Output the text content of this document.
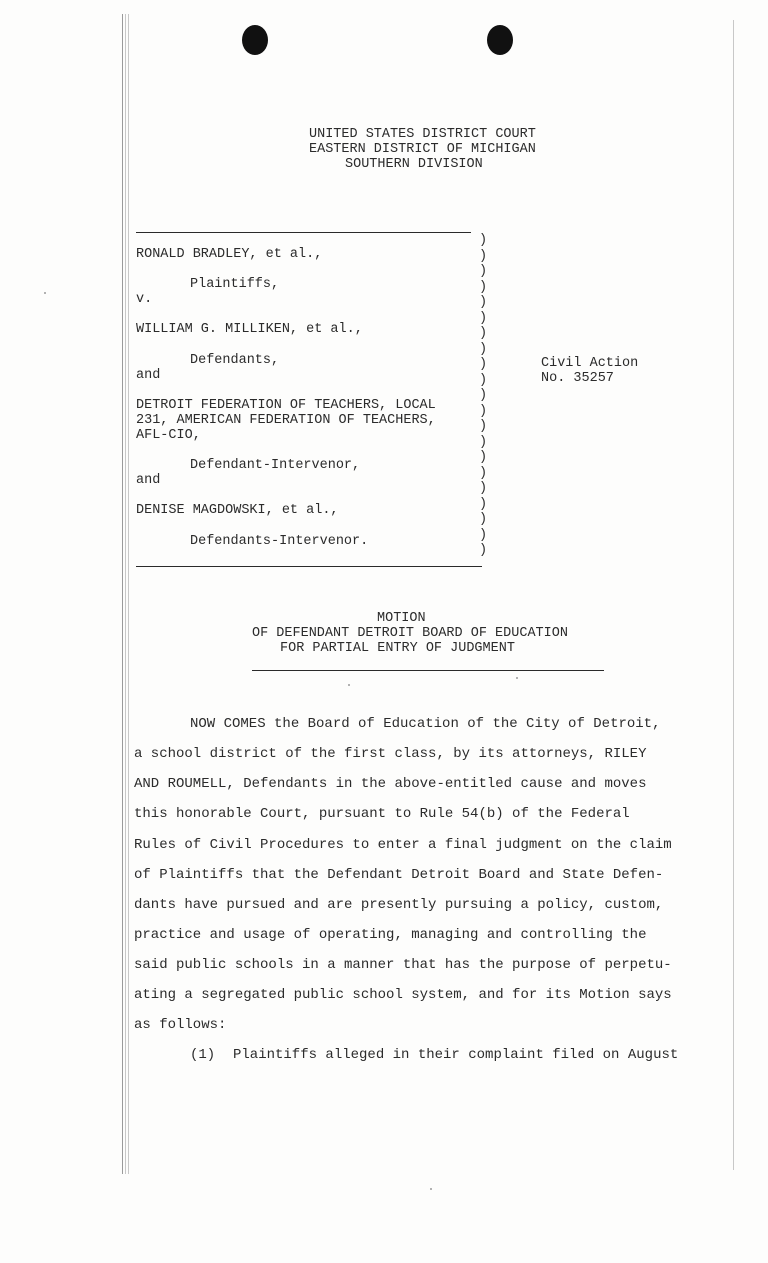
UNITED STATES DISTRICT COURT
EASTERN DISTRICT OF MICHIGAN
SOUTHERN DIVISION
RONALD BRADLEY, et al.,
Plaintiffs,
v.
WILLIAM G. MILLIKEN, et al.,
Defendants,
and
DETROIT FEDERATION OF TEACHERS, LOCAL
231, AMERICAN FEDERATION OF TEACHERS,
AFL-CIO,
Defendant-Intervenor,
and
DENISE MAGDOWSKI, et al.,
Defendants-Intervenor.
)
)
)
)
)
)
)
)
)
)
)
)
)
)
)
)
)
)
)
)
)
Civil Action
No. 35257
MOTION
OF DEFENDANT DETROIT BOARD OF EDUCATION
FOR PARTIAL ENTRY OF JUDGMENT
NOW COMES the Board of Education of the City of Detroit,
a school district of the first class, by its attorneys, RILEY
AND ROUMELL, Defendants in the above-entitled cause and moves
this honorable Court, pursuant to Rule 54(b) of the Federal
Rules of Civil Procedures to enter a final judgment on the claim
of Plaintiffs that the Defendant Detroit Board and State Defen-
dants have pursued and are presently pursuing a policy, custom,
practice and usage of operating, managing and controlling the
said public schools in a manner that has the purpose of perpetu-
ating a segregated public school system, and for its Motion says
as follows:
(1) Plaintiffs alleged in their complaint filed on August
